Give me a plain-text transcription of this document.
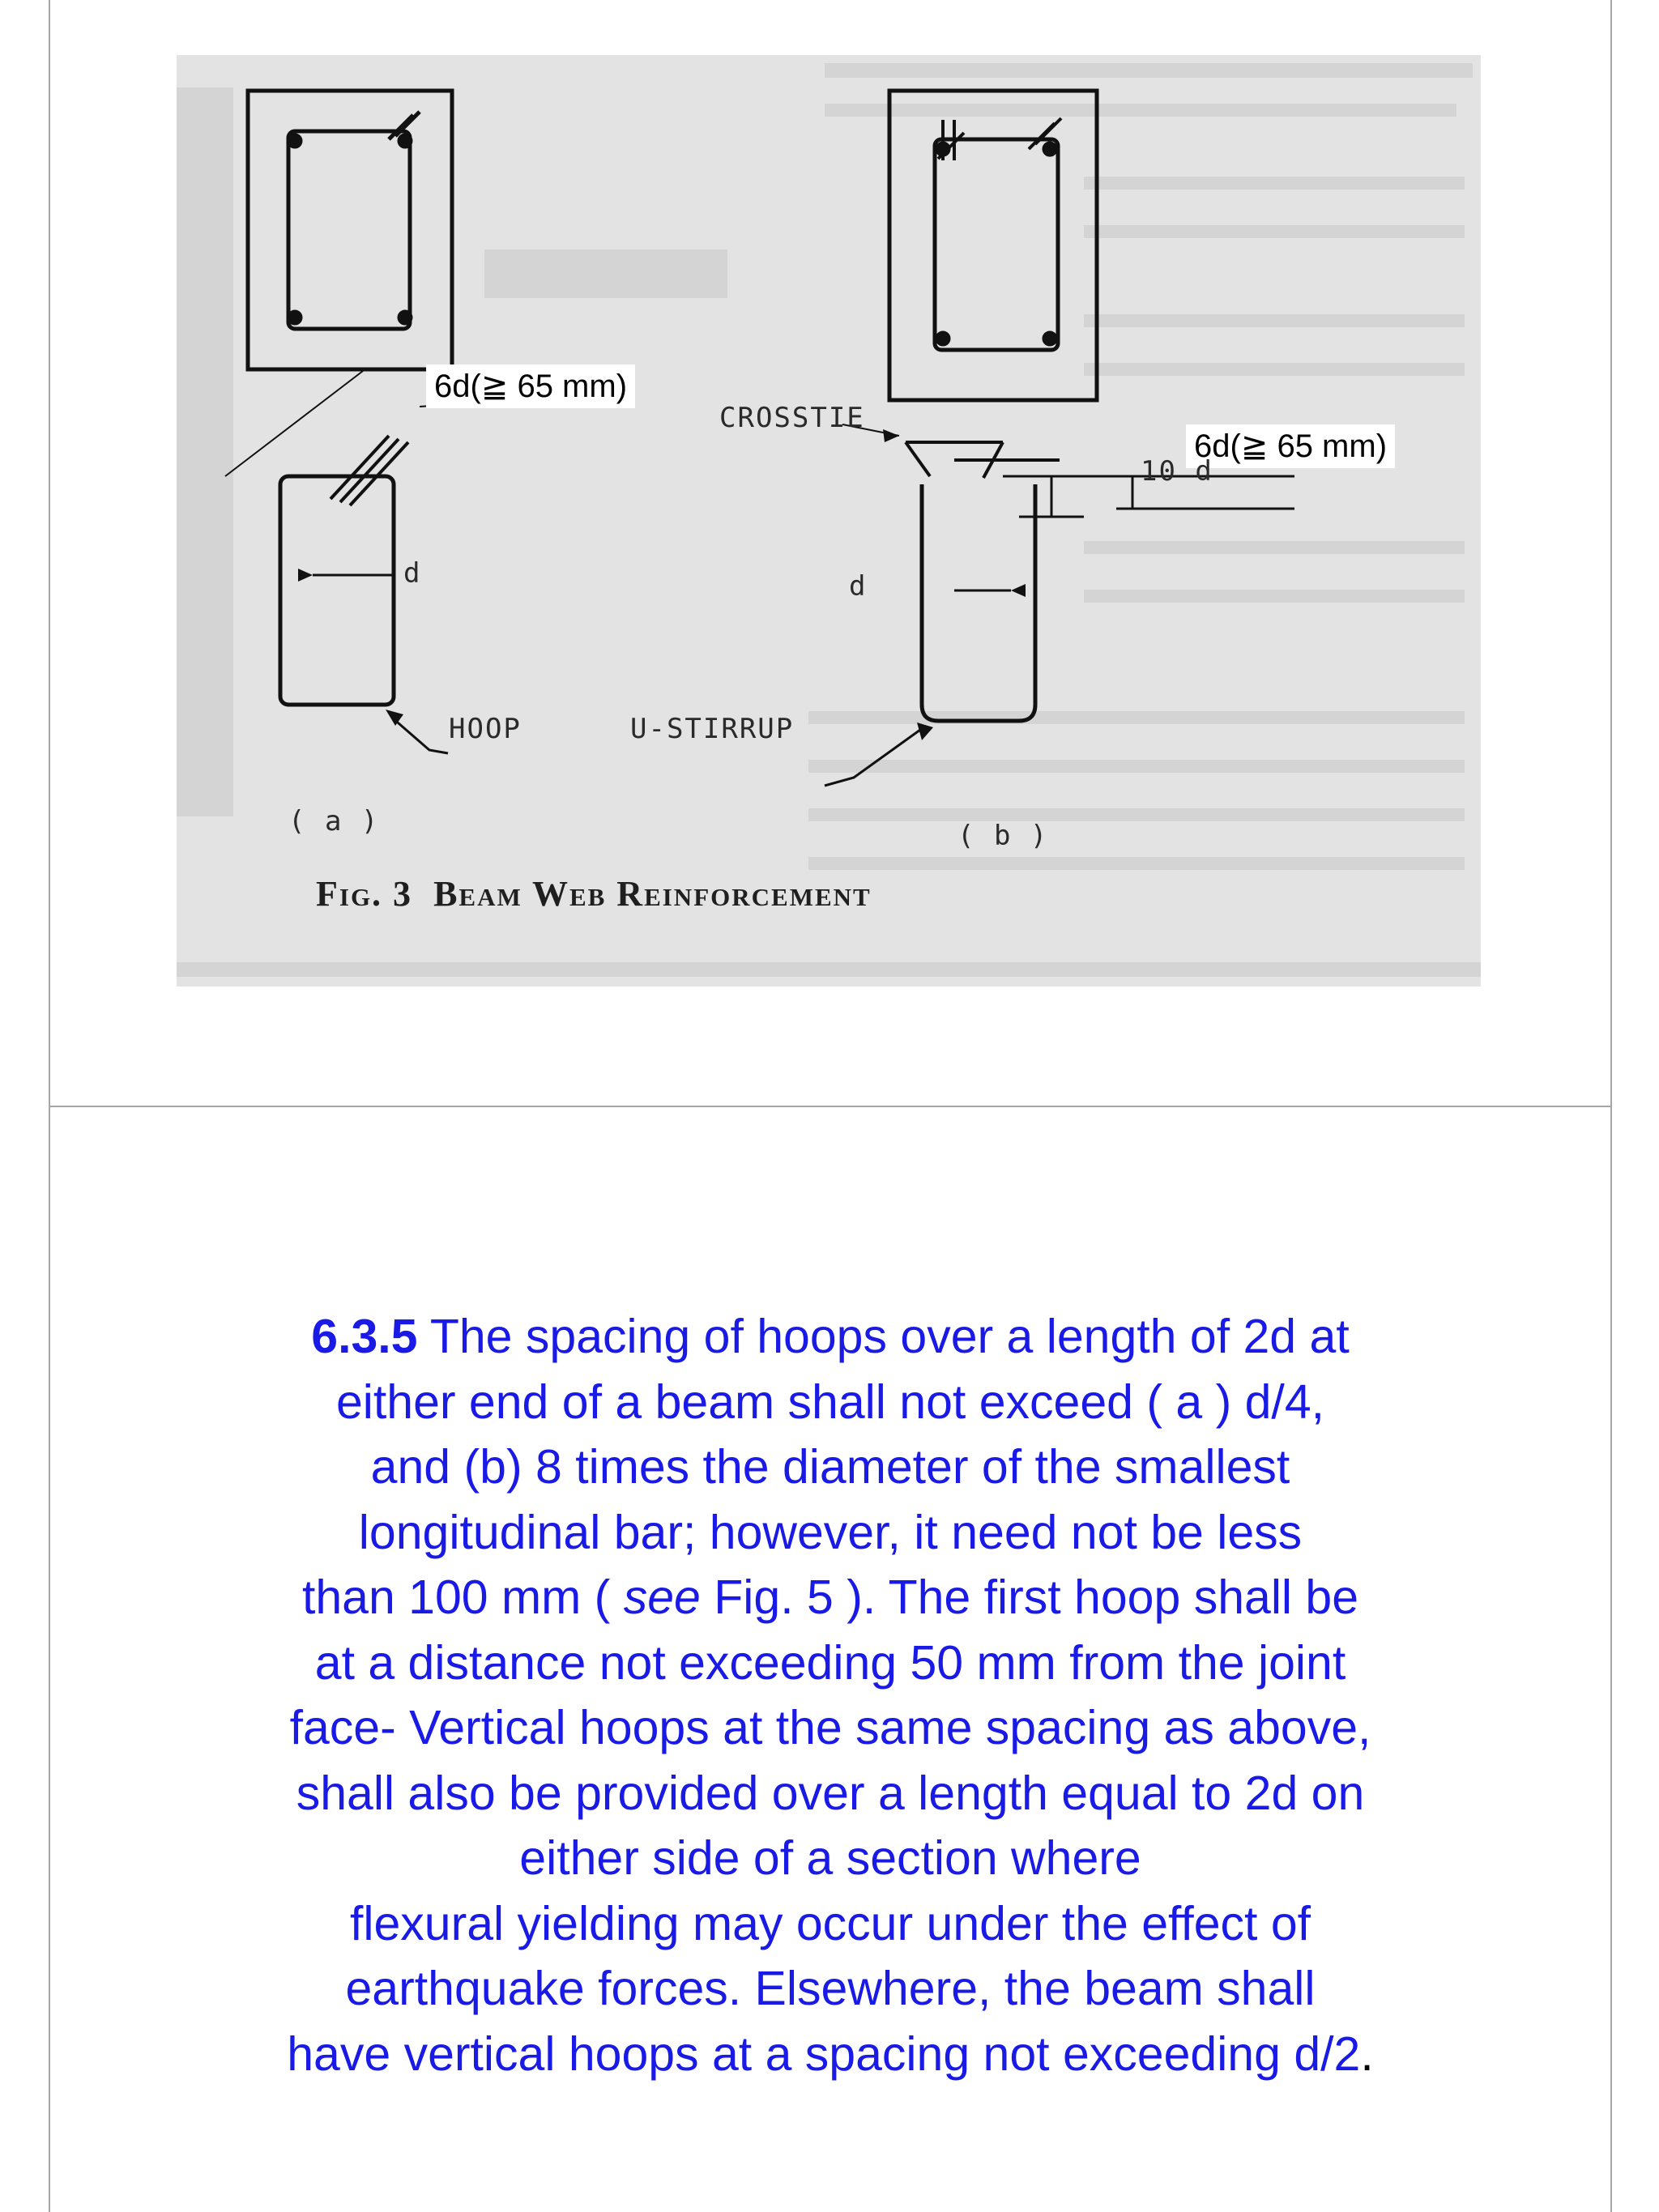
6d(≧ 65 mm)
6d(≧ 65 mm)
CROSSTIE
HOOP	U-STIRRUP
d	d
10 d
( a )	( b )
Fig. 3 Beam Web Reinforcement
6.3.5 The spacing of hoops over a length of 2d at
either end of a beam shall not exceed ( a ) d/4,
and (b) 8 times the diameter of the smallest
longitudinal bar; however, it need not be less
than 100 mm ( see Fig. 5 ). The first hoop shall be
at a distance not exceeding 50 mm from the joint
face- Vertical hoops at the same spacing as above,
shall also be provided over a length equal to 2d on
either side of a section where
flexural yielding may occur under the effect of
earthquake forces. Elsewhere, the beam shall
have vertical hoops at a spacing not exceeding d/2.
